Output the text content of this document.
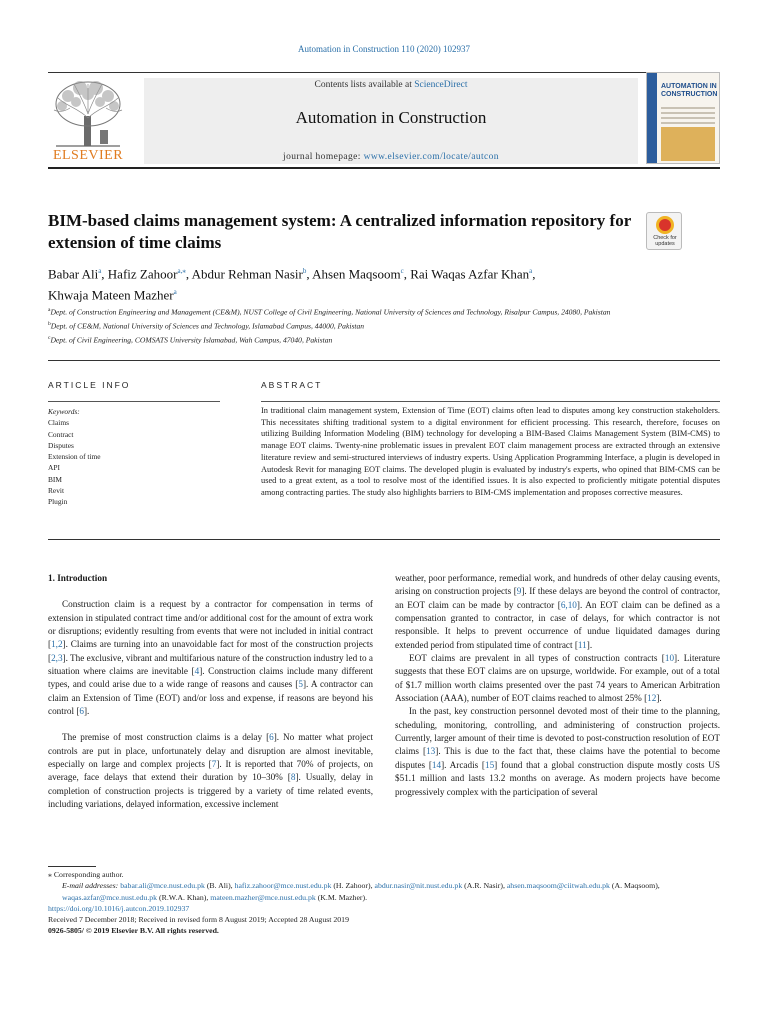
Automation in Construction 110 (2020) 102937
ELSEVIER
Contents lists available at ScienceDirect
Automation in Construction
journal homepage: www.elsevier.com/locate/autcon
AUTOMATION IN CONSTRUCTION
BIM-based claims management system: A centralized information repository for extension of time claims	Check for updates
Babar Ali$^a$, Hafiz Zahoor$^{a,⁎}$, Abdur Rehman Nasir$^b$, Ahsen Maqsoom$^c$, Rai Waqas Azfar Khan$^a$,
Khwaja Mateen Mazher$^a$
$^a$Dept. of Construction Engineering and Management (CE&M), NUST College of Civil Engineering, National University of Sciences and Technology, Risalpur Campus, 24080, Pakistan
$^b$Dept. of CE&M, National University of Sciences and Technology, Islamabad Campus, 44000, Pakistan
$^c$Dept. of Civil Engineering, COMSATS University Islamabad, Wah Campus, 47040, Pakistan
ARTICLE INFO	ABSTRACT
Keywords:
Claims
Contract
Disputes
Extension of time
API
BIM
Revit
Plugin
In traditional claim management system, Extension of Time (EOT) claims often lead to disputes among key construction stakeholders. This necessitates shifting traditional system to a digital environment for efficient processing. This research, therefore, focuses on utilizing Building Information Modeling (BIM) technology for developing a BIM-Based Claims Management System (BIM-CMS) to manage EOT claims. Twenty-nine problematic issues in prevalent EOT claim management process are extracted through an extensive literature review and semi-structured interviews of industry experts. Using Application Programming Interface, a plugin is developed in Autodesk Revit for managing EOT claims. The developed plugin is evaluated by industry's experts, who opined that BIM-CMS can be used to a great extent, as a tool to resolve most of the identified issues. It is also expected to proficiently mitigate potential disputes among contracting parties. The study also highlights barriers to BIM-CMS implementation and proposes corrective measures.
1. Introduction

Construction claim is a request by a contractor for compensation in terms of extension in stipulated contract time and/or additional cost for the amount of extra work or disruptions; evidently resulting from events that were not included in initial contract [1,2]. Claims are turning into an unavoidable fact for most of the construction projects [2,3]. The exclusive, vibrant and multifarious nature of the construction industry led to a situation where claims are inevitable [4]. Construction claims include many different types, and could arise due to a wide range of reasons and causes [5]. A contractor can claim an Extension of Time (EOT) and/or loss and expense, if reasons are beyond his control [6].

The premise of most construction claims is a delay [6]. No matter what project controls are put in place, unfortunately delay and disruption are almost inevitable, especially on large and complex projects [7]. It is reported that 70% of projects, on average, face delays that extend their duration by 10–30% [8]. Usually, delay in completion of construction projects is triggered by a variety of time related events, including variations, delayed information, excessive inclement

weather, poor performance, remedial work, and hundreds of other delay causing events, arising on construction projects [9]. If these delays are beyond the control of contractor, an EOT claim can be made by contractor [6,10]. An EOT claim can be defined as a compensation granted to contractor, in case of delays, for which contractor is not responsible. It helps to prevent occurrence of undue liquidated damages during extended period from stipulated time of contract [11].

EOT claims are prevalent in all types of construction contracts [10]. Literature suggests that these EOT claims are on upsurge, worldwide. For example, out of a total of $1.7 million worth claims presented over the past 74 years to American Arbitration Association (AAA), number of EOT claims reached to almost 25% [12].

In the past, key construction personnel devoted most of their time to the planning, scheduling, monitoring, controlling, and administering of construction projects. Currently, larger amount of their time is devoted to post-construction resolution of EOT claims [13]. This is due to the fact that, these claims have the potential to become disputes [14]. Arcadis [15] found that a global construction dispute mostly costs US $51.1 million and lasts 13.2 months on average. As modern projects have become progressively complex with the participation of several

⁎ Corresponding author.
E-mail addresses: babar.ali@mce.nust.edu.pk (B. Ali), hafiz.zahoor@mce.nust.edu.pk (H. Zahoor), abdur.nasir@nit.nust.edu.pk (A.R. Nasir), ahsen.maqsoom@ciitwah.edu.pk (A. Maqsoom), waqas.azfar@mce.nust.edu.pk (R.W.A. Khan), mateen.mazher@mce.nust.edu.pk (K.M. Mazher).
https://doi.org/10.1016/j.autcon.2019.102937
Received 7 December 2018; Received in revised form 8 August 2019; Accepted 28 August 2019
0926-5805/ © 2019 Elsevier B.V. All rights reserved.
